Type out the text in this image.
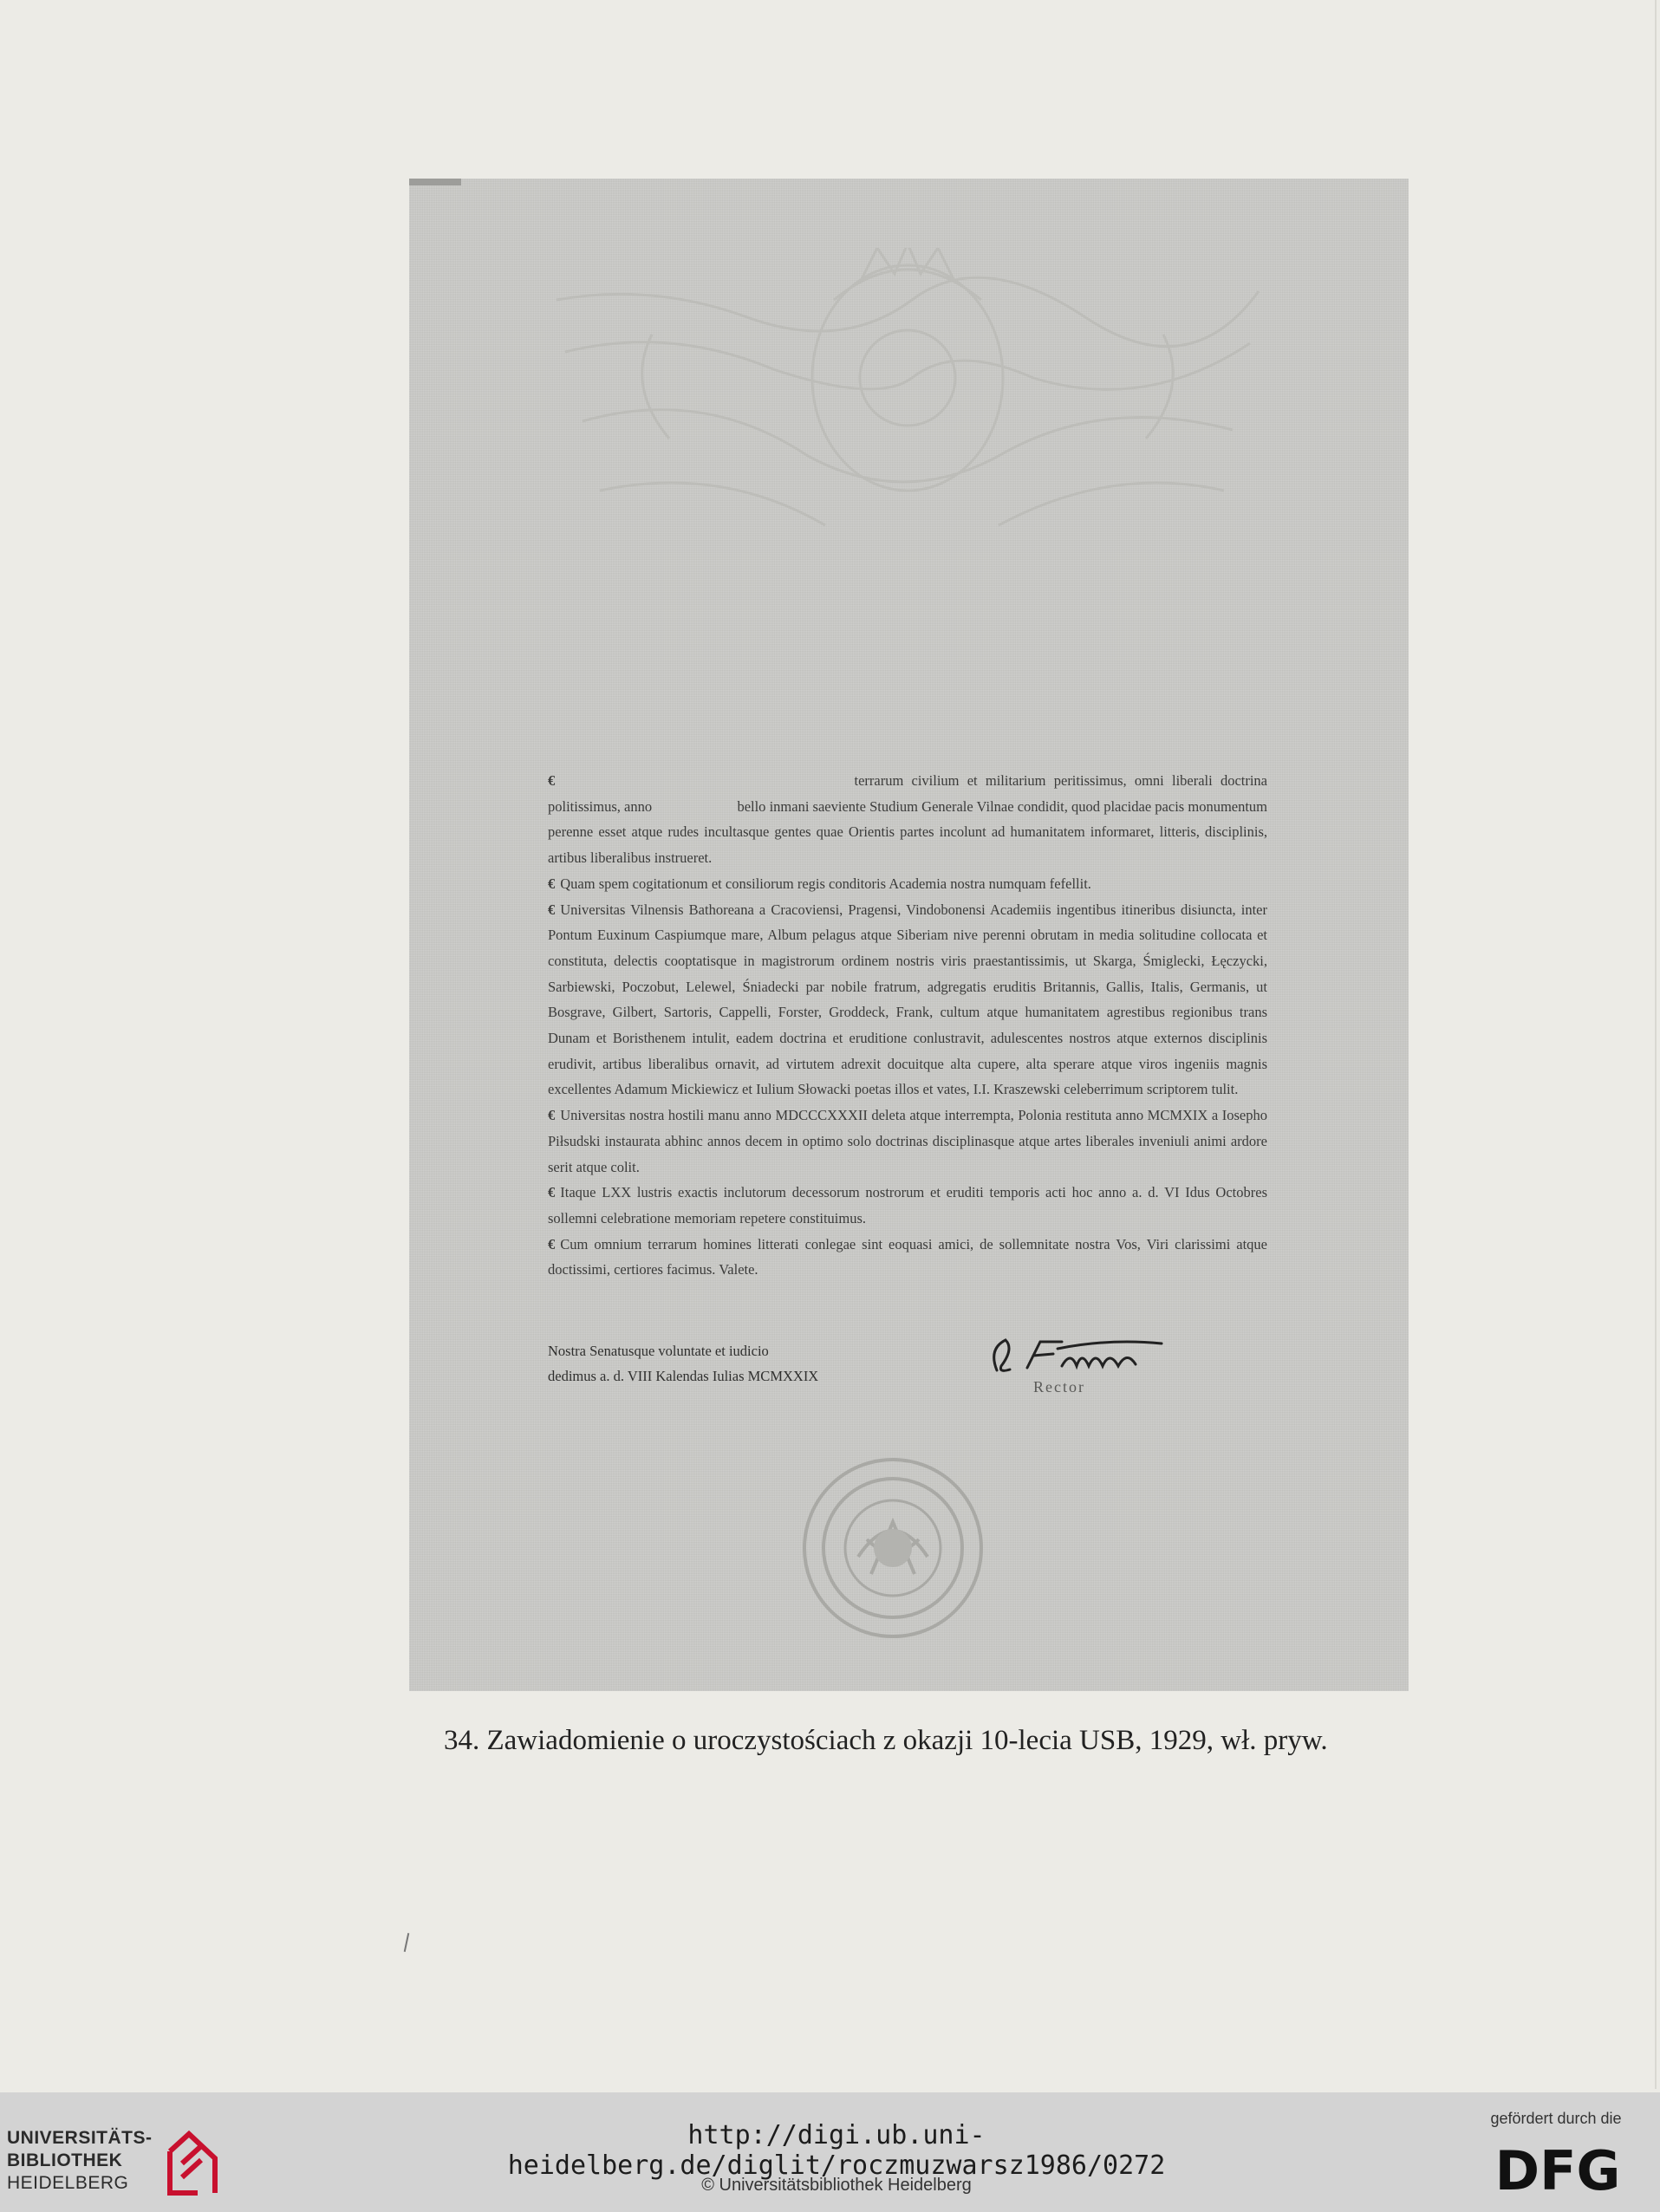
€	terrarum civilium et militarium peritissimus, omni liberali doctrina politissimus, anno	bello inmani saeviente Studium Generale Vilnae condidit, quod placidae pacis monumentum perenne esset atque rudes incultasque gentes quae Orientis partes incolunt ad humanitatem informaret, litteris, disciplinis, artibus liberalibus instrueret.
€ Quam spem cogitationum et consiliorum regis conditoris Academia nostra numquam fefellit.
€ Universitas Vilnensis Bathoreana a Cracoviensi, Pragensi, Vindobonensi Academiis ingentibus itineribus disiuncta, inter Pontum Euxinum Caspiumque mare, Album pelagus atque Siberiam nive perenni obrutam in media solitudine collocata et constituta, delectis cooptatisque in magistrorum ordinem nostris viris praestantissimis, ut Skarga, Śmiglecki, Łęczycki, Sarbiewski, Poczobut, Lelewel, Śniadecki par nobile fratrum, adgregatis eruditis Britannis, Gallis, Italis, Germanis, ut Bosgrave, Gilbert, Sartoris, Cappelli, Forster, Groddeck, Frank, cultum atque humanitatem agrestibus regionibus trans Dunam et Boristhenem intulit, eadem doctrina et eruditione conlustravit, adulescentes nostros atque externos disciplinis erudivit, artibus liberalibus ornavit, ad virtutem adrexit docuitque alta cupere, alta sperare atque viros ingeniis magnis excellentes Adamum Mickiewicz et Iulium Słowacki poetas illos et vates, I.I. Kraszewski celeberrimum scriptorem tulit.
€ Universitas nostra hostili manu anno MDCCCXXXII deleta atque interrempta, Polonia restituta anno MCMXIX a Iosepho Piłsudski instaurata abhinc annos decem in optimo solo doctrinas disciplinasque atque artes liberales inveniuli animi ardore serit atque colit.
€ Itaque LXX lustris exactis inclutorum decessorum nostrorum et eruditi temporis acti hoc anno a. d. VI Idus Octobres sollemni celebratione memoriam repetere constituimus.
€ Cum omnium terrarum homines litterati conlegae sint eoquasi amici, de sollemnitate nostra Vos, Viri clarissimi atque doctissimi, certiores facimus. Valete.
Nostra Senatusque voluntate et iudicio
dedimus a. d. VIII Kalendas Iulias MCMXXIX
Rector
34. Zawiadomienie o uroczystościach z okazji 10-lecia USB, 1929, wł. pryw.
UNIVERSITÄTS-
BIBLIOTHEK
HEIDELBERG
http://digi.ub.uni-heidelberg.de/diglit/roczmuzwarsz1986/0272
© Universitätsbibliothek Heidelberg
gefördert durch die
DFG
